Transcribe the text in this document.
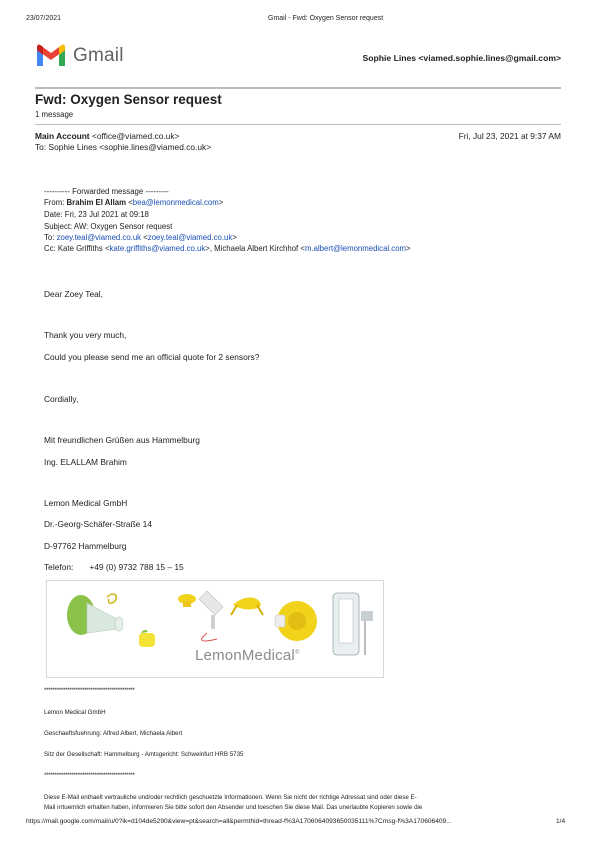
23/07/2021	Gmail - Fwd: Oxygen Sensor request
Gmail	Sophie Lines <viamed.sophie.lines@gmail.com>
Fwd: Oxygen Sensor request
1 message
Main Account <office@viamed.co.uk>	Fri, Jul 23, 2021 at 9:37 AM
To: Sophie Lines <sophie.lines@viamed.co.uk>
---------- Forwarded message ---------
From: Brahim El Allam <bea@lemonmedical.com>
Date: Fri, 23 Jul 2021 at 09:18
Subject: AW: Oxygen Sensor request
To: zoey.teal@viamed.co.uk <zoey.teal@viamed.co.uk>
Cc: Kate Griffiths <kate.griffiths@viamed.co.uk>, Michaela Albert Kirchhof <m.albert@lemonmedical.com>
Dear Zoey Teal,
Thank you very much,
Could you please send me an official quote for 2 sensors?
Cordially,
Mit freundlichen Grüßen aus Hammelburg
Ing. ELALLAM Brahim
Lemon Medical GmbH
Dr.-Georg-Schäfer-Straße 14
D-97762 Hammelburg
Telefon: +49 (0) 9732 788 15 – 15
LemonMedical®
*******************************************
Lemon Medical GmbH
Geschaeftsfuehrung: Alfred Albert, Michaela Albert
Sitz der Gesellschaft: Hammelburg - Amtsgericht: Schweinfurt HRB 5735
*******************************************
Diese E-Mail enthaelt vertrauliche und/oder rechtlich geschuetzte Informationen. Wenn Sie nicht der richtige Adressat sind oder diese E-
Mail irrtuemlich erhalten haben, informieren Sie bitte sofort den Absender und loeschen Sie diese Mail. Das unerlaubte Kopieren sowie die
https://mail.google.com/mail/u/0?ik=d104de5290&view=pt&search=all&permthid=thread-f%3A1706064093650035111%7Cmsg-f%3A170606409...	1/4
